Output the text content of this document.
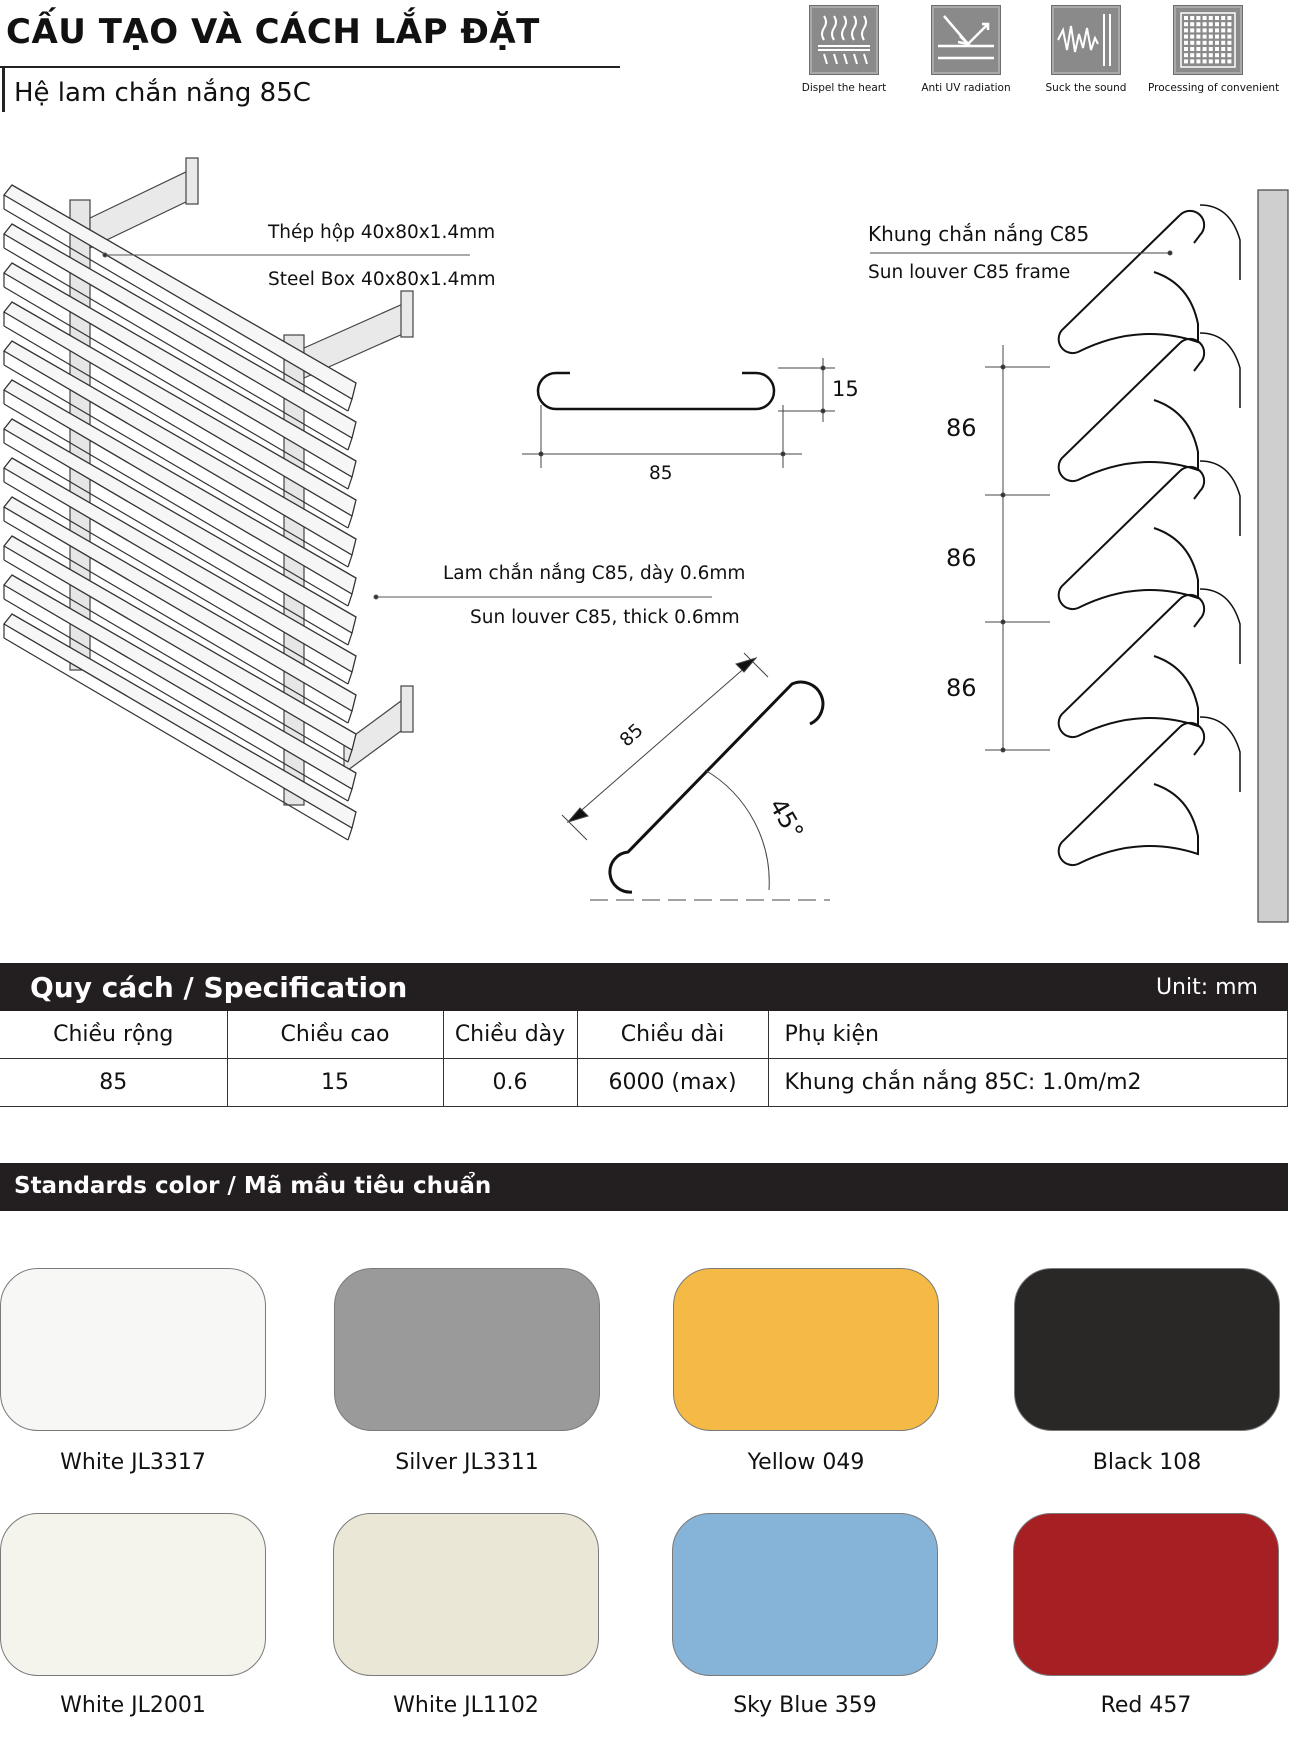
CẤU TẠO VÀ CÁCH LẮP ĐẶT
Hệ lam chắn nắng 85C	Dispel the heart	Anti UV radiation	Suck the sound	Processing of convenient
Thép hộp 40x80x1.4mm
Steel Box 40x80x1.4mm
Lam chắn nắng C85, dày 0.6mm
Sun louver C85, thick 0.6mm
Khung chắn nắng C85
Sun louver C85 frame
85
15
85
45°
86
86
86
Quy cách / Specification	Unit: mm
Chiều rộng	Chiều cao	Chiều dày	Chiều dài	Phụ kiện
85	15	0.6	6000 (max)	Khung chắn nắng 85C: 1.0m/m2
Standards color / Mã mầu tiêu chuẩn
White JL3317	Silver JL3311	Yellow 049	Black 108
White JL2001	White JL1102	Sky Blue 359	Red 457
